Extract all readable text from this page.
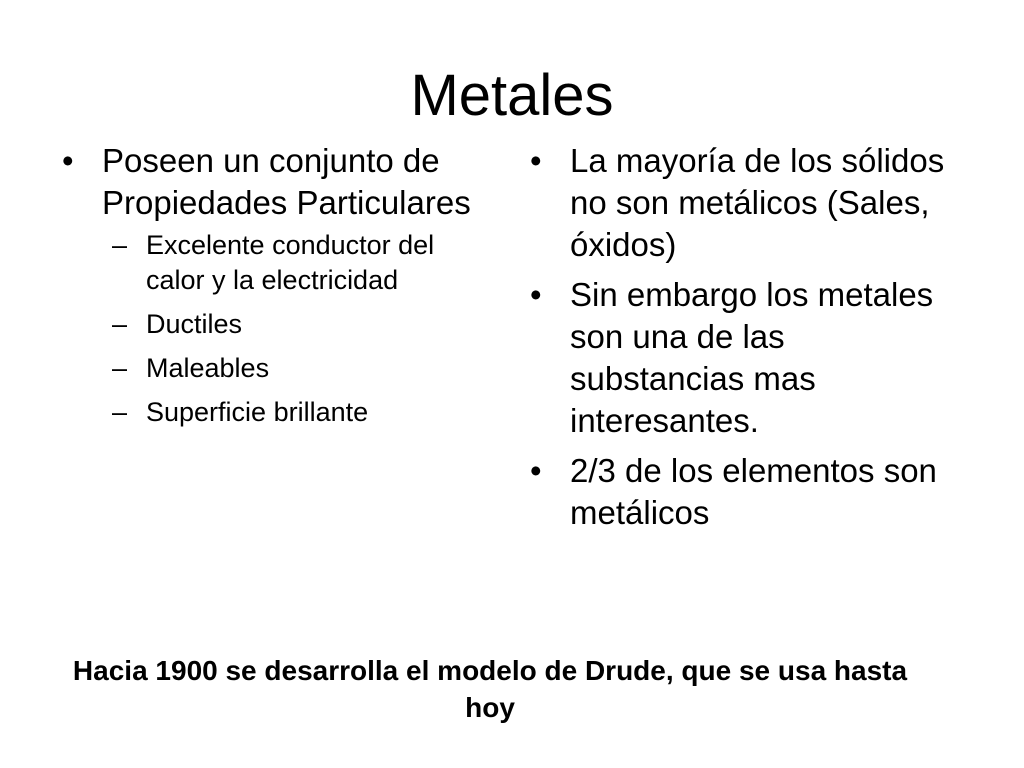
Metales
• Poseen un conjunto de Propiedades Particulares
– Excelente conductor del calor y la electricidad
– Ductiles
– Maleables
– Superficie brillante
• La mayoría de los sólidos no son metálicos (Sales, óxidos)
• Sin embargo los metales son una de las substancias mas interesantes.
• 2/3 de los elementos son metálicos
Hacia 1900 se desarrolla el modelo de Drude, que se usa hasta hoy
